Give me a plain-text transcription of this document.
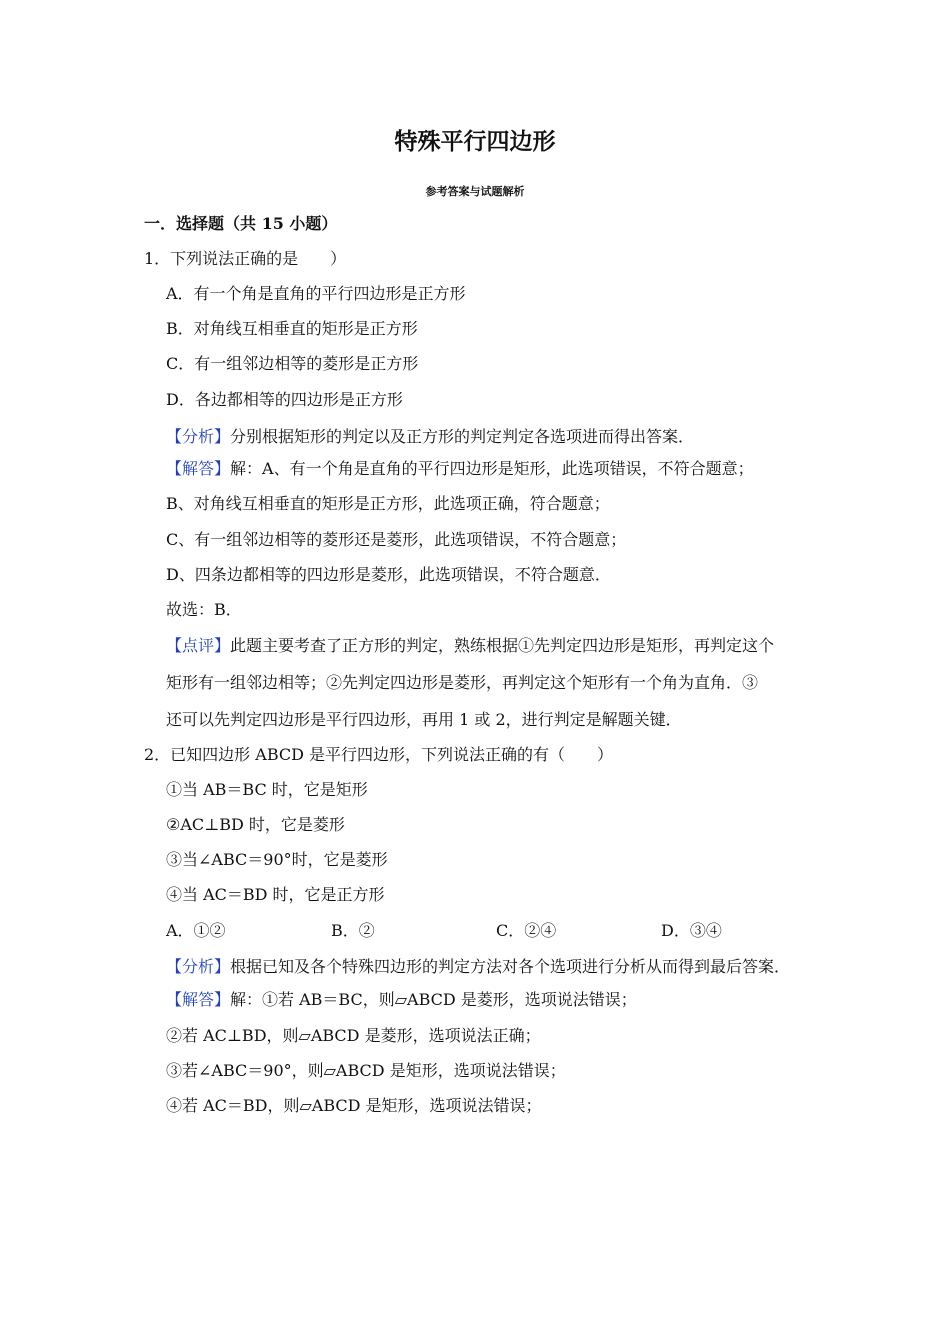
特殊平行四边形
参考答案与试题解析
一．选择题（共 15 小题）
1．下列说法正确的是　　）
A．有一个角是直角的平行四边形是正方形
B．对角线互相垂直的矩形是正方形
C．有一组邻边相等的菱形是正方形
D．各边都相等的四边形是正方形
【分析】分别根据矩形的判定以及正方形的判定判定各选项进而得出答案．
【解答】解：A、有一个角是直角的平行四边形是矩形，此选项错误，不符合题意；
B、对角线互相垂直的矩形是正方形，此选项正确，符合题意；
C、有一组邻边相等的菱形还是菱形，此选项错误，不符合题意；
D、四条边都相等的四边形是菱形，此选项错误，不符合题意．
故选：B．
【点评】此题主要考查了正方形的判定，熟练根据①先判定四边形是矩形，再判定这个
矩形有一组邻边相等；②先判定四边形是菱形，再判定这个矩形有一个角为直角．③
还可以先判定四边形是平行四边形，再用 1 或 2，进行判定是解题关键．
2．已知四边形 ABCD 是平行四边形，下列说法正确的有（　　）
①当 AB＝BC 时，它是矩形
②AC⊥BD 时，它是菱形
③当∠ABC＝90°时，它是菱形
④当 AC＝BD 时，它是正方形
A．①②	B．②	C．②④	D．③④
【分析】根据已知及各个特殊四边形的判定方法对各个选项进行分析从而得到最后答案．
【解答】解：①若 AB＝BC，则▱ABCD 是菱形，选项说法错误；
②若 AC⊥BD，则▱ABCD 是菱形，选项说法正确；
③若∠ABC＝90°，则▱ABCD 是矩形，选项说法错误；
④若 AC＝BD，则▱ABCD 是矩形，选项说法错误；
